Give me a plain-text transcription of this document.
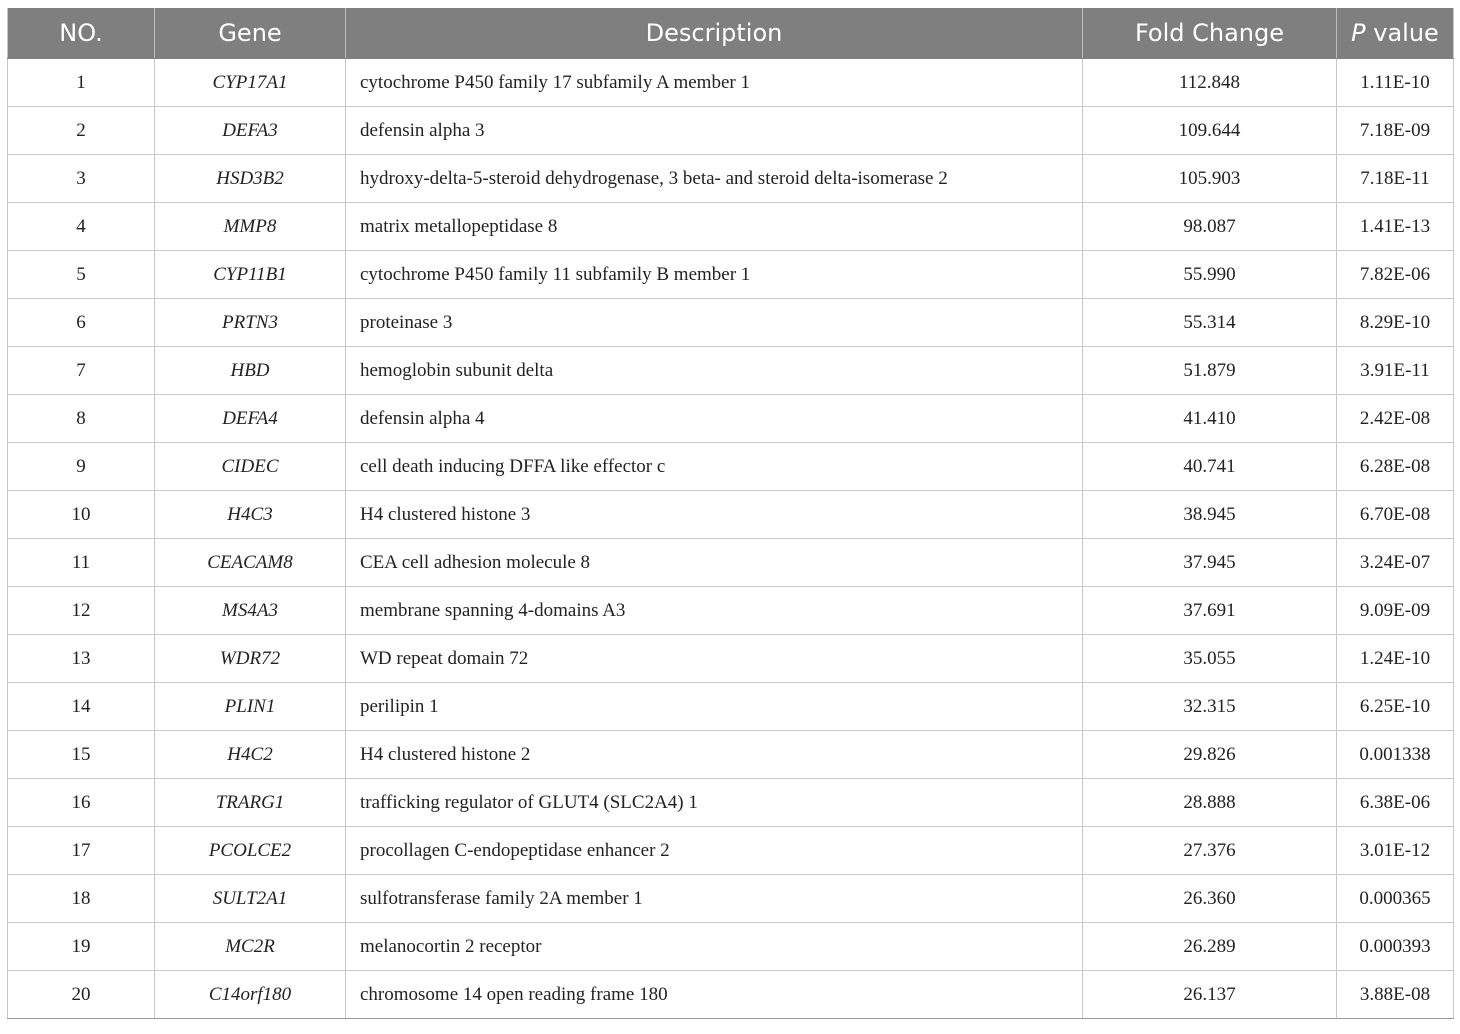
NO.	Gene	Description	Fold Change	P value
1	CYP17A1	cytochrome P450 family 17 subfamily A member 1	112.848	1.11E-10
2	DEFA3	defensin alpha 3	109.644	7.18E-09
3	HSD3B2	hydroxy-delta-5-steroid dehydrogenase, 3 beta- and steroid delta-isomerase 2	105.903	7.18E-11
4	MMP8	matrix metallopeptidase 8	98.087	1.41E-13
5	CYP11B1	cytochrome P450 family 11 subfamily B member 1	55.990	7.82E-06
6	PRTN3	proteinase 3	55.314	8.29E-10
7	HBD	hemoglobin subunit delta	51.879	3.91E-11
8	DEFA4	defensin alpha 4	41.410	2.42E-08
9	CIDEC	cell death inducing DFFA like effector c	40.741	6.28E-08
10	H4C3	H4 clustered histone 3	38.945	6.70E-08
11	CEACAM8	CEA cell adhesion molecule 8	37.945	3.24E-07
12	MS4A3	membrane spanning 4-domains A3	37.691	9.09E-09
13	WDR72	WD repeat domain 72	35.055	1.24E-10
14	PLIN1	perilipin 1	32.315	6.25E-10
15	H4C2	H4 clustered histone 2	29.826	0.001338
16	TRARG1	trafficking regulator of GLUT4 (SLC2A4) 1	28.888	6.38E-06
17	PCOLCE2	procollagen C-endopeptidase enhancer 2	27.376	3.01E-12
18	SULT2A1	sulfotransferase family 2A member 1	26.360	0.000365
19	MC2R	melanocortin 2 receptor	26.289	0.000393
20	C14orf180	chromosome 14 open reading frame 180	26.137	3.88E-08
